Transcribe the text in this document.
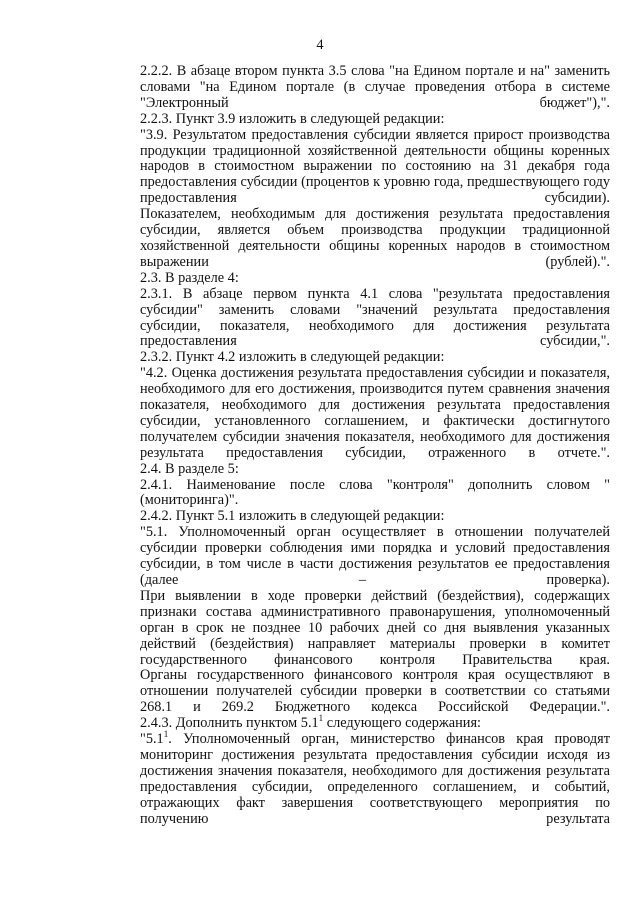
4

2.2.2. В абзаце втором пункта 3.5 слова "на Едином портале и на" заменить словами "на Едином портале (в случае проведения отбора в системе "Электронный бюджет"),".

2.2.3. Пункт 3.9 изложить в следующей редакции:

"3.9. Результатом предоставления субсидии является прирост производства продукции традиционной хозяйственной деятельности общины коренных народов в стоимостном выражении по состоянию на 31 декабря года предоставления субсидии (процентов к уровню года, предшествующего году предоставления субсидии).

Показателем, необходимым для достижения результата предоставления субсидии, является объем производства продукции традиционной хозяйственной деятельности общины коренных народов в стоимостном выражении (рублей).".

2.3. В разделе 4:

2.3.1. В абзаце первом пункта 4.1 слова "результата предоставления субсидии" заменить словами "значений результата предоставления субсидии, показателя, необходимого для достижения результата предоставления субсидии,".

2.3.2. Пункт 4.2 изложить в следующей редакции:

"4.2. Оценка достижения результата предоставления субсидии и показателя, необходимого для его достижения, производится путем сравнения значения показателя, необходимого для достижения результата предоставления субсидии, установленного соглашением, и фактически достигнутого получателем субсидии значения показателя, необходимого для достижения результата предоставления субсидии, отраженного в отчете.".

2.4. В разделе 5:

2.4.1. Наименование после слова "контроля" дополнить словом "(мониторинга)".

2.4.2. Пункт 5.1 изложить в следующей редакции:

"5.1. Уполномоченный орган осуществляет в отношении получателей субсидии проверки соблюдения ими порядка и условий предоставления субсидии, в том числе в части достижения результатов ее предоставления (далее – проверка).

При выявлении в ходе проверки действий (бездействия), содержащих признаки состава административного правонарушения, уполномоченный орган в срок не позднее 10 рабочих дней со дня выявления указанных действий (бездействия) направляет материалы проверки в комитет государственного финансового контроля Правительства края.

Органы государственного финансового контроля края осуществляют в отношении получателей субсидии проверки в соответствии со статьями 268.1 и 269.2 Бюджетного кодекса Российской Федерации.".

2.4.3. Дополнить пунктом $5.1^1$ следующего содержания:

"$5.1^1$. Уполномоченный орган, министерство финансов края проводят мониторинг достижения результата предоставления субсидии исходя из достижения значения показателя, необходимого для достижения результата предоставления субсидии, определенного соглашением, и событий, отражающих факт завершения соответствующего мероприятия по получению результата
